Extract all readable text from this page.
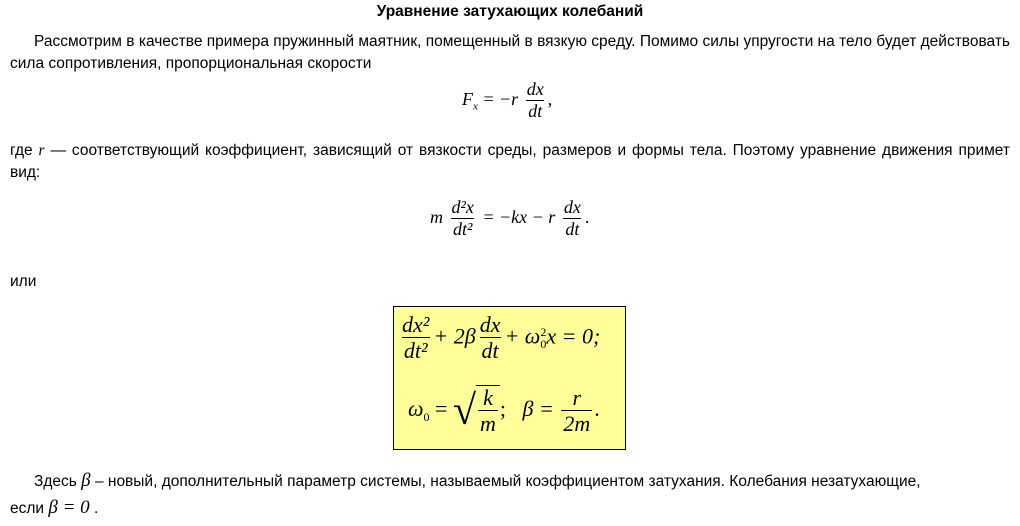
Уравнение затухающих колебаний
Рассмотрим в качестве примера пружинный маятник, помещенный в вязкую среду. Помимо силы упругости на тело будет действовать сила сопротивления, пропорциональная скорости
$F_x = -r \frac{dx}{dt}$ ,
где r — соответствующий коэффициент, зависящий от вязкости среды, размеров и формы тела. Поэтому уравнение движения примет вид:
m $\frac{\text{d²x}}{\text{dt²}} = -kx - r \frac{dx}{dt}$ .
или
$\frac{\text{dx²}}{\text{dt²}} + 2\beta \frac{dx}{dt} + \omega$ 2
0 x = 0;
$\omega_0$ = √ $\frac{k}{m}$ ; $\beta = \frac{r}{2m}$ .
Здесь β – новый, дополнительный параметр системы, называемый коэффициентом затухания. Колебания незатухающие,
если β = 0 .
